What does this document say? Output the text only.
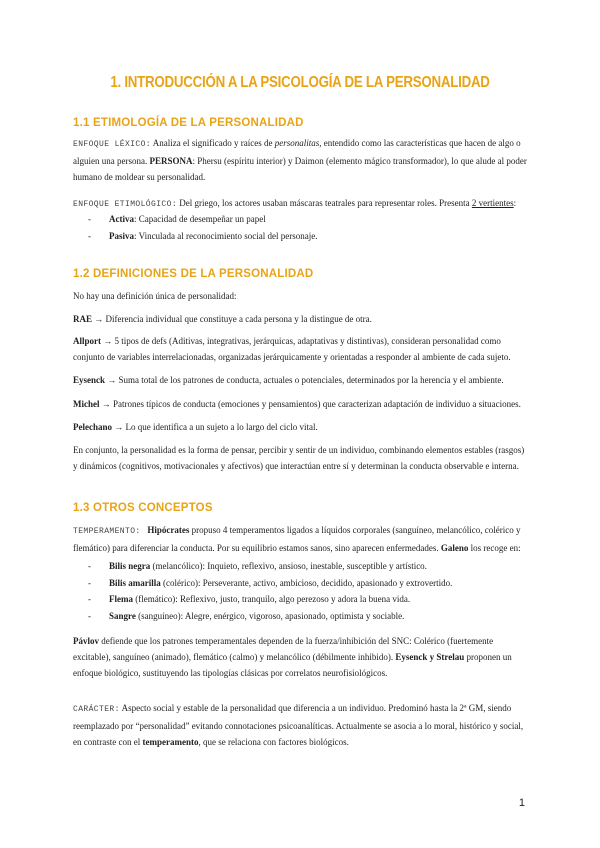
1. INTRODUCCIÓN A LA PSICOLOGÍA DE LA PERSONALIDAD
1.1 ETIMOLOGÍA DE LA PERSONALIDAD
ENFOQUE LÉXICO: Analiza el significado y raíces de personalitas, entendido como las características que hacen de algo o alguien una persona. PERSONA: Phersu (espíritu interior) y Daimon (elemento mágico transformador), lo que alude al poder humano de moldear su personalidad.
ENFOQUE ETIMOLÓGICO: Del griego, los actores usaban máscaras teatrales para representar roles. Presenta 2 vertientes:
- Activa: Capacidad de desempeñar un papel
- Pasiva: Vinculada al reconocimiento social del personaje.
1.2 DEFINICIONES DE LA PERSONALIDAD
No hay una definición única de personalidad:
RAE → Diferencia individual que constituye a cada persona y la distingue de otra.
Allport → 5 tipos de defs (Aditivas, integrativas, jerárquicas, adaptativas y distintivas), consideran personalidad como conjunto de variables interrelacionadas, organizadas jerárquicamente y orientadas a responder al ambiente de cada sujeto.
Eysenck → Suma total de los patrones de conducta, actuales o potenciales, determinados por la herencia y el ambiente.
Michel → Patrones típicos de conducta (emociones y pensamientos) que caracterizan adaptación de individuo a situaciones.
Pelechano → Lo que identifica a un sujeto a lo largo del ciclo vital.
En conjunto, la personalidad es la forma de pensar, percibir y sentir de un individuo, combinando elementos estables (rasgos) y dinámicos (cognitivos, motivacionales y afectivos) que interactúan entre sí y determinan la conducta observable e interna.
1.3 OTROS CONCEPTOS
TEMPERAMENTO: Hipócrates propuso 4 temperamentos ligados a líquidos corporales (sanguíneo, melancólico, colérico y flemático) para diferenciar la conducta. Por su equilibrio estamos sanos, sino aparecen enfermedades. Galeno los recoge en:
- Bilis negra (melancólico): Inquieto, reflexivo, ansioso, inestable, susceptible y artístico.
- Bilis amarilla (colérico): Perseverante, activo, ambicioso, decidido, apasionado y extrovertido.
- Flema (flemático): Reflexivo, justo, tranquilo, algo perezoso y adora la buena vida.
- Sangre (sanguíneo): Alegre, enérgico, vigoroso, apasionado, optimista y sociable.
Pávlov defiende que los patrones temperamentales dependen de la fuerza/inhibición del SNC: Colérico (fuertemente excitable), sanguíneo (animado), flemático (calmo) y melancólico (débilmente inhibido). Eysenck y Strelau proponen un enfoque biológico, sustituyendo las tipologías clásicas por correlatos neurofisiológicos.
CARÁCTER: Aspecto social y estable de la personalidad que diferencia a un individuo. Predominó hasta la 2ª GM, siendo reemplazado por “personalidad” evitando connotaciones psicoanalíticas. Actualmente se asocia a lo moral, histórico y social, en contraste con el temperamento, que se relaciona con factores biológicos.
1
